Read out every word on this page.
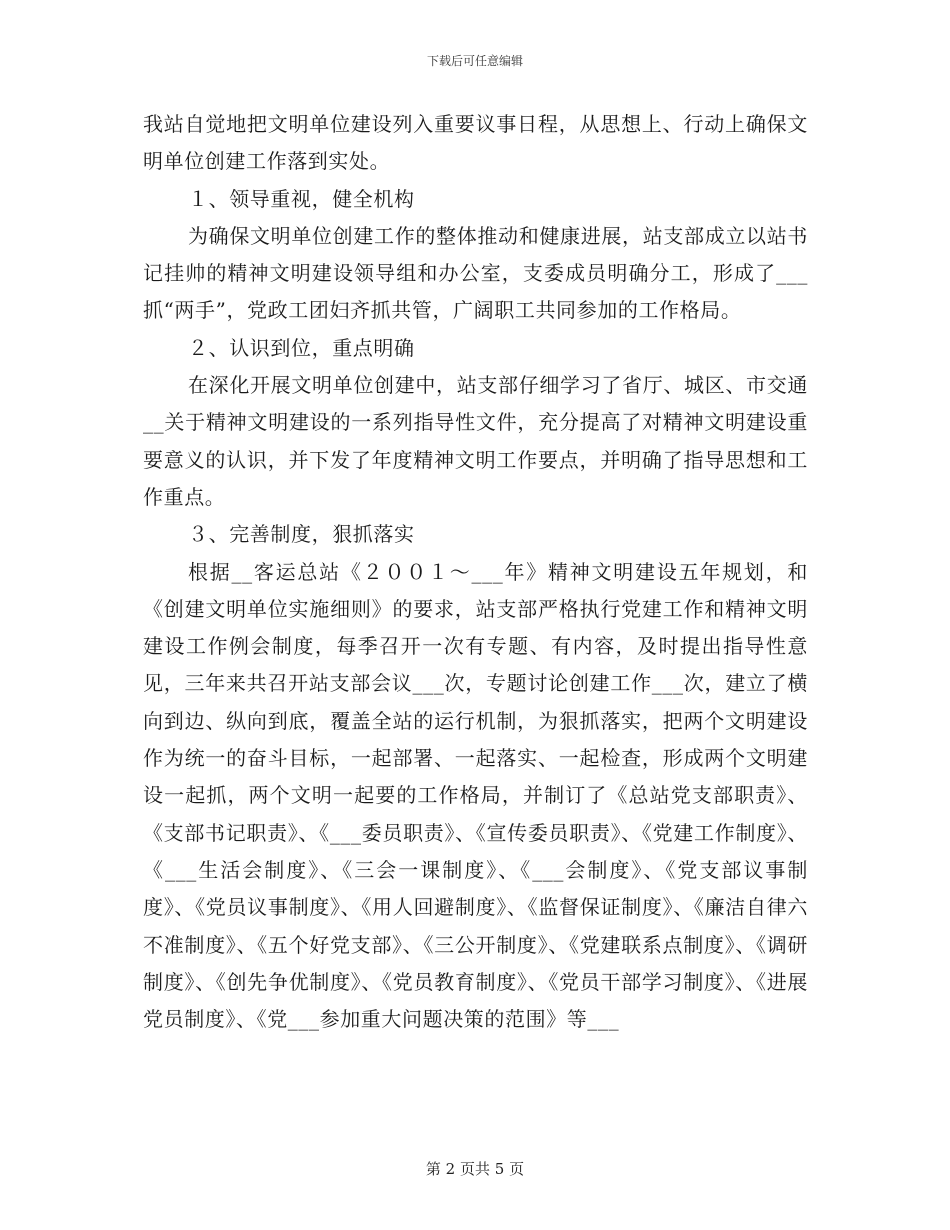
下载后可任意编辑

我站自觉地把文明单位建设列入重要议事日程，从思想上、行动上确保文明单位创建工作落到实处。

１、领导重视，健全机构

为确保文明单位创建工作的整体推动和健康进展，站支部成立以站书记挂帅的精神文明建设领导组和办公室，支委成员明确分工，形成了___抓“两手”，党政工团妇齐抓共管，广阔职工共同参加的工作格局。

２、认识到位，重点明确

在深化开展文明单位创建中，站支部仔细学习了省厅、城区、市交通__关于精神文明建设的一系列指导性文件，充分提高了对精神文明建设重要意义的认识，并下发了年度精神文明工作要点，并明确了指导思想和工作重点。

３、完善制度，狠抓落实

根据__客运总站《２００１～___年》精神文明建设五年规划，和《创建文明单位实施细则》的要求，站支部严格执行党建工作和精神文明建设工作例会制度，每季召开一次有专题、有内容，及时提出指导性意见，三年来共召开站支部会议___次，专题讨论创建工作___次，建立了横向到边、纵向到底，覆盖全站的运行机制，为狠抓落实，把两个文明建设作为统一的奋斗目标，一起部署、一起落实、一起检查，形成两个文明建设一起抓，两个文明一起要的工作格局，并制订了《总站党支部职责》、《支部书记职责》、《___委员职责》、《宣传委员职责》、《党建工作制度》、《___生活会制度》、《三会一课制度》、《___会制度》、《党支部议事制度》、《党员议事制度》、《用人回避制度》、《监督保证制度》、《廉洁自律六不准制度》、《五个好党支部》、《三公开制度》、《党建联系点制度》、《调研制度》、《创先争优制度》、《党员教育制度》、《党员干部学习制度》、《进展党员制度》、《党___参加重大问题决策的范围》等___

第 2 页共 5 页
